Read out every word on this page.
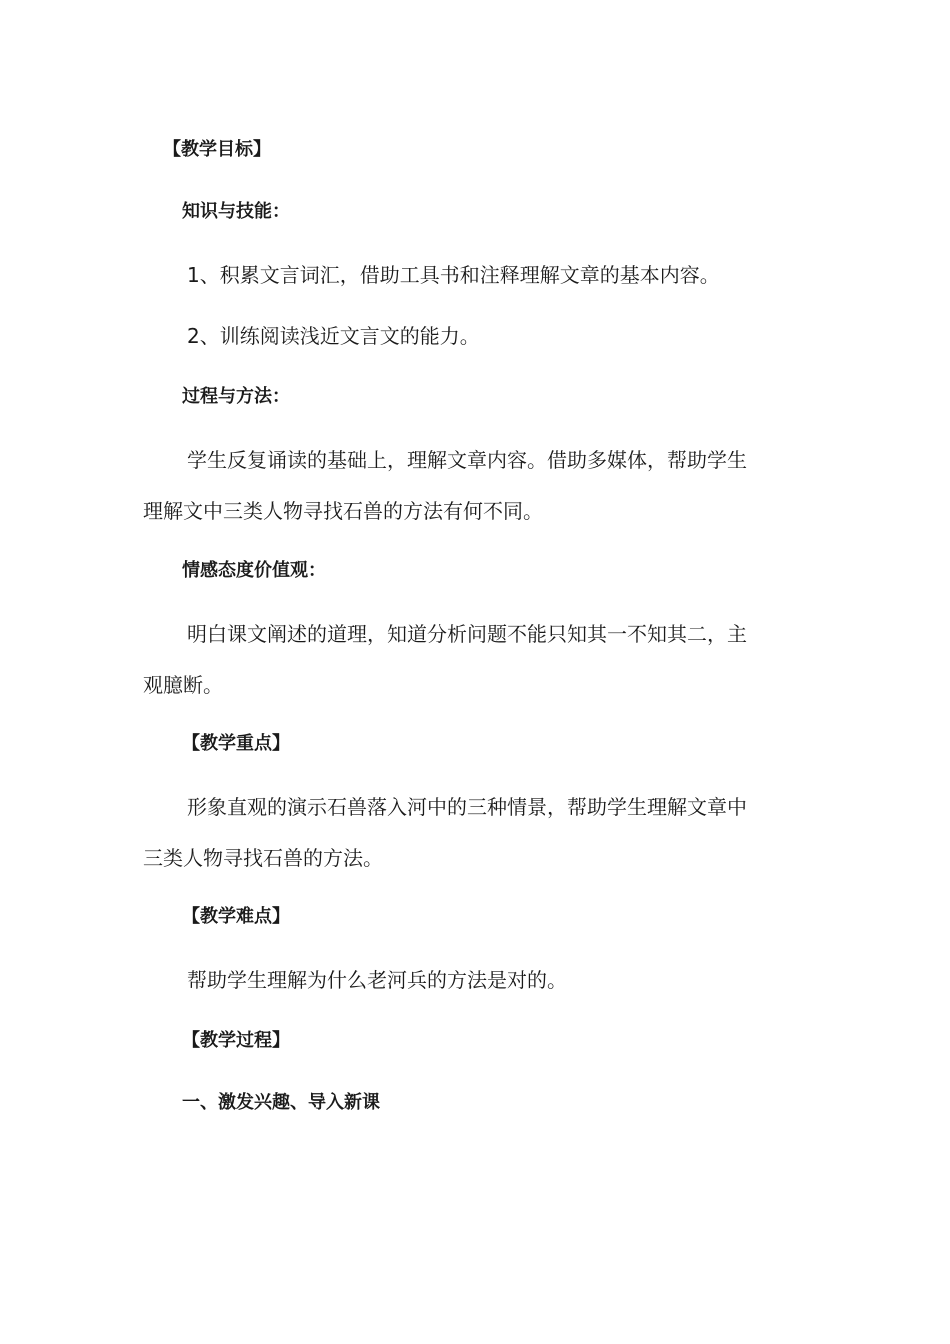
【教学目标】
知识与技能：
1、积累文言词汇，借助工具书和注释理解文章的基本内容。
2、训练阅读浅近文言文的能力。
过程与方法：
学生反复诵读的基础上，理解文章内容。借助多媒体，帮助学生
理解文中三类人物寻找石兽的方法有何不同。
情感态度价值观：
明白课文阐述的道理，知道分析问题不能只知其一不知其二，主
观臆断。
【教学重点】
形象直观的演示石兽落入河中的三种情景，帮助学生理解文章中
三类人物寻找石兽的方法。
【教学难点】
帮助学生理解为什么老河兵的方法是对的。
【教学过程】
一、激发兴趣、导入新课
